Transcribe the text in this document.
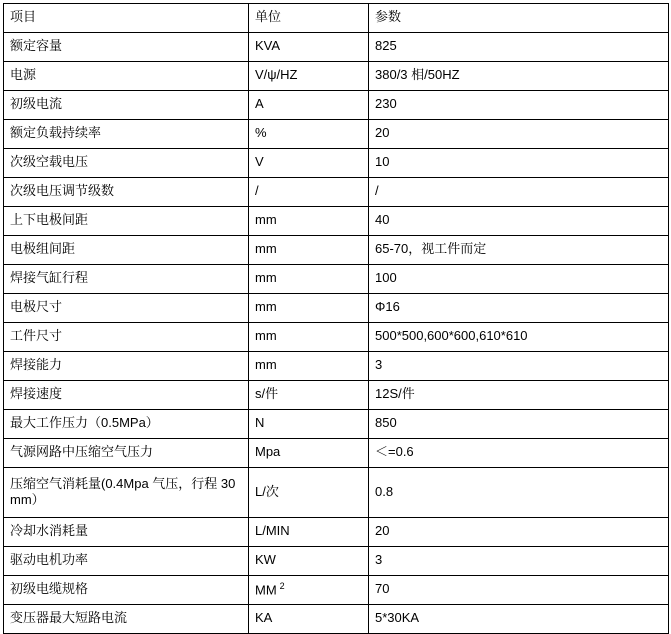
项目	单位	参数
额定容量	KVA	825
电源	V/ψ/HZ	380/3 相/50HZ
初级电流	A	230
额定负载持续率	%	20
次级空载电压	V	10
次级电压调节级数	/	/
上下电极间距	mm	40
电极组间距	mm	65-70，视工件而定
焊接气缸行程	mm	100
电极尺寸	mm	Φ16
工件尺寸	mm	500*500,600*600,610*610
焊接能力	mm	3
焊接速度	s/件	12S/件
最大工作压力（0.5MPa）	N	850
气源网路中压缩空气压力	Mpa	＜=0.6
压缩空气消耗量(0.4Mpa 气压，行程 30mm）	L/次	0.8
冷却水消耗量	L/MIN	20
驱动电机功率	KW	3
初级电缆规格	MM $^2$	70
变压器最大短路电流	KA	5*30KA
